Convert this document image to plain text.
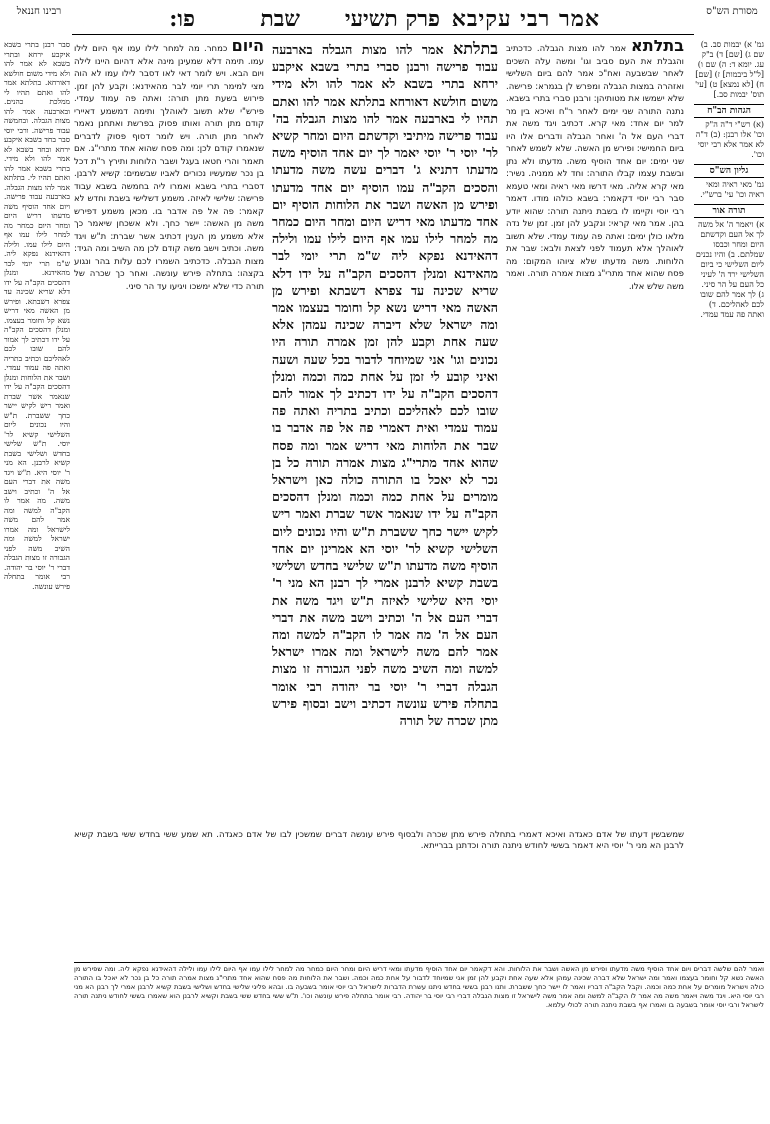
מסורת הש"ס
אמר רבי עקיבא
פרק תשיעי
שבת
פו:
רבינו חננאל
גמ' א) יבמות סב. ב) שם ג) [שם] ד) ב"ק עג. יומא ד: ה) שם ו) [ל"ל ביבמות] ז) [שם] ח) [לא נמצא] ט) [עי' תוס' יבמות סב.]
הגהות הב"ח
(א) רש"י ד"ה ה"ק וכו' אלו רבנן: (ב) ד"ה לא אמר אלא רבי יוסי וכו'.
גליון הש"ס
גמ' מאי ראיה ומאי ראיה וכו' עי' ברש"י.
תורה אור
א) ויאמר ה' אל משה לך אל העם וקדשתם היום ומחר וכבסו שמלתם. ב) והיו נכנים ליום השלישי כי ביום השלישי ירד ה' לעיני כל העם על הר סיני. ג) לך אמר להם שובו לכם לאהליכם. ד) ואתה פה עמד עמדי.
בתלתא אמר להו מצות הגבלה. כדכתיב והגבלת את העם סביב וגו' ומשה עלה השכים לאחר שבשבעה ואח"כ אמר להם ביום השלישי ואזהרה במצות הגבלה ומפרש לן בגמרא: פרישה. שלא ישמשו את מטותיהן: ורבנן סברי בתרי בשבא. נתנה התורה שני ימים לאחר ר"ח ואיכא בין מר למר יום אחד: מאי קרא. דכתיב ויגד משה את דברי העם אל ה' ואחר הגבלה ודברים אלו היו ביום החמישי: ופירש מן האשה. שלא לשמש לאחר שני ימים: יום אחד הוסיף משה. מדעתו ולא נתן ובשבת עצמו קבלו התורה: וחד לא ממניה. נשיר: מאי קרא אליה. מאי דרשו מאי ראיה ומאי טעמא סבר רבי יוסי דקאמר: בשבא כולהו מודו. דאמר רבי יוסי וקיימו לו בשבת ניתנה תורה: שהוא יודע בהן. אמר מאי קראי: ונקבע להן זמן. זמן של נדה מלאו כולן ימים: ואתה פה עמוד עמדי. שלא תשוב לאוהלך אלא תעמוד לפני לצאת ולבא: שבר את הלוחות. משה מדעתו שלא ציוהו המקום: מה פסח שהוא אחד מתרי"ג מצות אמרה תורה. ואמר משה שלש אלו.
בתלתא אמר להו מצות הגבלה בארבעה עבוד פרישה ורבנן סברי בתרי בשבא איקבע ירחא בתרי בשבא לא אמר להו ולא מידי משום חולשא דאורחא בתלתא אמר להו ואתם תהיו לי בארבעה אמר להו מצות הגבלה בה' עבוד פרישה מיתיבי וקדשתם היום ומחר קשיא לר' יוסי ר' יוסי יאמר לך יום אחד הוסיף משה מדעתו דתניא ג' דברים עשה משה מדעתו והסכים הקב"ה עמו הוסיף יום אחד מדעתו ופירש מן האשה ושבר את הלוחות הוסיף יום אחד מדעתו מאי דריש היום ומחר היום כמחר מה למחר לילו עמו אף היום לילו עמו ולילה דהאידנא נפקא ליה ש"מ תרי יומי לבר מהאידנא ומנלן דהסכים הקב"ה על ידו דלא שריא שכינה עד צפרא דשבתא ופירש מן האשה מאי דריש נשא קל וחומר בעצמו אמר ומה ישראל שלא דיברה שכינה עמהן אלא שעה אחת וקבע להן זמן אמרה תורה היו נכונים וגו' אני שמיוחד לדבור בכל שעה ושעה ואיני קובע לי זמן על אחת כמה וכמה ומנלן דהסכים הקב"ה על ידו דכתיב לך אמור להם שובו לכם לאהליכם וכתיב בתריה ואתה פה עמוד עמדי ואית דאמרי פה אל פה אדבר בו שבר את הלוחות מאי דריש אמר ומה פסח שהוא אחד מתרי"ג מצות אמרה תורה כל בן נכר לא יאכל בו התורה כולה כאן וישראל מומרים על אחת כמה וכמה ומנלן דהסכים הקב"ה על ידו שנאמר אשר שברת ואמר ריש לקיש יישר כחך ששברת ת"ש והיו נכונים ליום השלישי קשיא לר' יוסי הא אמרינן יום אחד הוסיף משה מדעתו ת"ש שלישי בחדש ושלישי בשבת קשיא לרבנן אמרי לך רבנן הא מני ר' יוסי היא שלישי לאיזה ת"ש ויגד משה את דברי העם אל ה' וכתיב וישב משה את דברי העם אל ה' מה אמר לו הקב"ה למשה ומה אמר להם משה לישראל ומה אמרו ישראל למשה ומה השיב משה לפני הגבורה זו מצות הגבלה דברי ר' יוסי בר יהודה רבי אומר בתחלה פירש עונשה דכתיב וישב ובסוף פירש מתן שכרה של תורה
היום כמחר. מה למחר לילו עמו אף היום לילו עמו. תימה דלא שמעינן מינה אלא דהיום היינו לילה ויום הבא. ויש לומר דאי לאו דסבר לילו עמו לא הוה מצי למימר תרי יומי לבר מהאידנא: וקבע להן זמן. פירוש בשעת מתן תורה: ואתה פה עמוד עמדי. פירש"י שלא תשוב לאוהלך ותימה דמשמע דאיירי קודם מתן תורה ואותו פסוק בפרשת ואתחנן נאמר לאחר מתן תורה. ויש לומר דסוף פסוק לדברים שנאמרו קודם לכן: ומה פסח שהוא אחד מתרי"ג. אם תאמר והרי חטאו בעגל ושבר הלוחות ותירץ ר"ת דכל בן נכר שמעשיו נכורים לאביו שבשמים: קשיא לרבנן. דסברי בתרי בשבא ואמרו ליה בחמשה בשבא עבוד פרישה: שלישי לאיזה. משמע דשלישי בשבת וחדש לא קאמר: פה אל פה אדבר בו. מכאן משמע דפירש משה מן האשה: יישר כחך. ולא אשכחן שיאמר כך אלא משמע מן הענין דכתיב אשר שברת: ת"ש ויגד משה. וכתיב וישב משה קודם לכן מה השיב ומה הגיד: מצות הגבלה. כדכתיב השמרו לכם עלות בהר ונגוע בקצהו: בתחלה פירש עונשה. ואחר כך שכרה של תורה כדי שלא ימשכו ויגיעו עד הר סיני.
שמשבשין דעתו של אדם כאגדה ואיכא דאמרי בתחלה פירש מתן שכרה ולבסוף פירש עונשה דברים שמשכין לבו של אדם כאגדה. תא שמע ששי בחדש ששי בשבת קשיא לרבנן הא מני ר' יוסי היא דאמר בששי לחודש ניתנה תורה וכדתנן בברייתא.
ואמר להם שלשה דברים ויום אחד הוסיף משה מדעתו ופירש מן האשה ושבר את הלוחות. והא דקאמר יום אחד הוסיף מדעתו ומאי דריש היום ומחר היום כמחר מה למחר לילו עמו אף היום לילו עמו ולילה דהאידנא נפקא ליה. ומה שפירש מן האשה נשא קל וחומר בעצמו ואמר ומה ישראל שלא דברה שכינה עמהן אלא שעה אחת וקבע להן זמן אני שמיוחד לדבור על אחת כמה וכמה. ושבר את הלוחות מה פסח שהוא אחד מתרי"ג מצות אמרה תורה כל בן נכר לא יאכל בו התורה כולה וישראל מומרים על אחת כמה וכמה. וקבל הקב"ה דבריו ואמר לו יישר כחך ששברת. ותנו רבנן בששי בחדש ניתנו עשרת הדברות לישראל רבי יוסי אומר בשבעה בו. ובהא פליגי שלישי בחדש ושלישי בשבת קשיא לרבנן אמרי לך רבנן הא מני רבי יוסי היא. ויגד משה ויאמר משה מה אמר לו הקב"ה למשה ומה אמר משה לישראל זו מצות הגבלה דברי רבי יוסי בר יהודה. רבי אומר בתחלה פירש עונשה וכו'. ת"ש ששי בחדש ששי בשבת וקשיא לרבנן הוא שאמרו בששי לחודש ניתנה תורה לישראל ורבי יוסי אומר בשבעה בו ואמרו אף בשבת ניתנה תורה לכולי עלמא.
סבר רבנן בתרי בשבא איקבע ירחא ובתרי בשבא לא אמר להו ולא מידי משום חולשא דאורחא. בתלתא אמר להו ואתם תהיו לי ממלכת כהנים. ובארבעה אמר להו מצות הגבלה. ובחמשה עבוד פרישה. ורבי יוסי סבר בחד בשבא איקבע ירחא ובחד בשבא לא אמר להו ולא מידי. בתרי בשבא אמר להו ואתם תהיו לי. בתלתא אמר להו מצות הגבלה. בארבעה עבוד פרישה. ויום אחד הוסיף משה מדעתו דריש היום ומחר היום כמחר מה למחר לילו עמו אף היום לילו עמו. ולילה דהאידנא נפקא ליה. ש"מ תרי יומי לבר מהאידנא. ומנלן דהסכים הקב"ה על ידו דלא שריא שכינה עד צפרא דשבתא. ופירש מן האשה מאי דריש נשא קל וחומר בעצמו. ומנלן דהסכים הקב"ה על ידו דכתיב לך אמור להם שובו לכם לאהליכם וכתיב בתריה ואתה פה עמוד עמדי. ושבר את הלוחות ומנלן דהסכים הקב"ה על ידו שנאמר אשר שברת ואמר ריש לקיש יישר כחך ששברת. ת"ש והיו נכונים ליום השלישי קשיא לר' יוסי. ת"ש שלישי בחדש ושלישי בשבת קשיא לרבנן. הא מני ר' יוסי היא. ת"ש ויגד משה את דברי העם אל ה' וכתיב וישב משה. מה אמר לו הקב"ה למשה ומה אמר להם משה לישראל ומה אמרו ישראל למשה ומה השיב משה לפני הגבורה זו מצות הגבלה דברי ר' יוסי בר יהודה. רבי אומר בתחלה פירש עונשה.
